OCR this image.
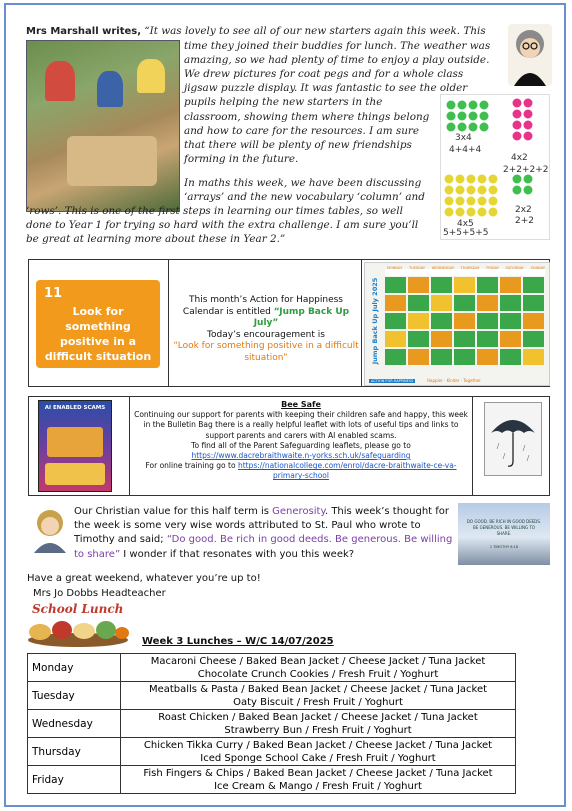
Mrs Marshall writes, “It was lovely to see all of our new starters again this week. This
time they joined their buddies for lunch. The weather was
amazing, so we had plenty of time to enjoy a play outside.
We drew pictures for coat pegs and for a whole class
jigsaw puzzle display. It was fantastic to see the older
pupils helping the new starters in the
classroom, showing them where things belong
and how to care for the resources. I am sure
that there will be plenty of new friendships
forming in the future.
In maths this week, we have been discussing
‘arrays’ and the new vocabulary ‘column’ and
‘rows’. This is one of the first steps in learning our times tables, so well
done to Year 1 for trying so hard with the extra challenge. I am sure you’ll
be great at learning more about these in Year 2.”
3x4
4+4+4
4x2
2+2+2+2
4x5
5+5+5+5
2x2
2+2
11
Look for something positive in a difficult situation
This month’s Action for Happiness
Calendar is entitled “Jump Back Up July”
Today’s encouragement is
“Look for something positive in a difficult situation”	Jump Back Up July 2025
MONDAY TUESDAY WEDNESDAY THURSDAY FRIDAY SATURDAY SUNDAY
ACTION FOR HAPPINESS	Happier · Kinder · Together
AI ENABLED SCAMS	Bee Safe
Continuing our support for parents with keeping their children safe and happy, this week in the Bulletin Bag there is a really helpful leaflet with lots of useful tips and links to support parents and carers with AI enabled scams.
To find all of the Parent Safeguarding leaflets, please go to
https://www.dacrebraithwaite.n-yorks.sch.uk/safeguarding
For online training go to https://nationalcollege.com/enrol/dacre-braithwaite-ce-va-primary-school
Our Christian value for this half term is Generosity. This week’s thought for the week is some very wise words attributed to St. Paul who wrote to Timothy and said; “Do good. Be rich in good deeds. Be generous. Be willing to share” I wonder if that resonates with you this week?
DO GOOD. BE RICH IN GOOD DEEDS. BE GENEROUS. BE WILLING TO SHARE.
1 TIMOTHY 6:18
Have a great weekend, whatever you’re up to!
Mrs Jo Dobbs Headteacher
School Lunch
Week 3 Lunches – W/C 14/07/2025
Monday	Macaroni Cheese / Baked Bean Jacket / Cheese Jacket / Tuna Jacket
Chocolate Crunch Cookies / Fresh Fruit / Yoghurt

Tuesday	Meatballs & Pasta / Baked Bean Jacket / Cheese Jacket / Tuna Jacket
Oaty Biscuit / Fresh Fruit / Yoghurt

Wednesday	Roast Chicken / Baked Bean Jacket / Cheese Jacket / Tuna Jacket
Strawberry Bun / Fresh Fruit / Yoghurt

Thursday	Chicken Tikka Curry / Baked Bean Jacket / Cheese Jacket / Tuna Jacket
Iced Sponge School Cake / Fresh Fruit / Yoghurt

Friday	Fish Fingers & Chips / Baked Bean Jacket / Cheese Jacket / Tuna Jacket
Ice Cream & Mango / Fresh Fruit / Yoghurt
